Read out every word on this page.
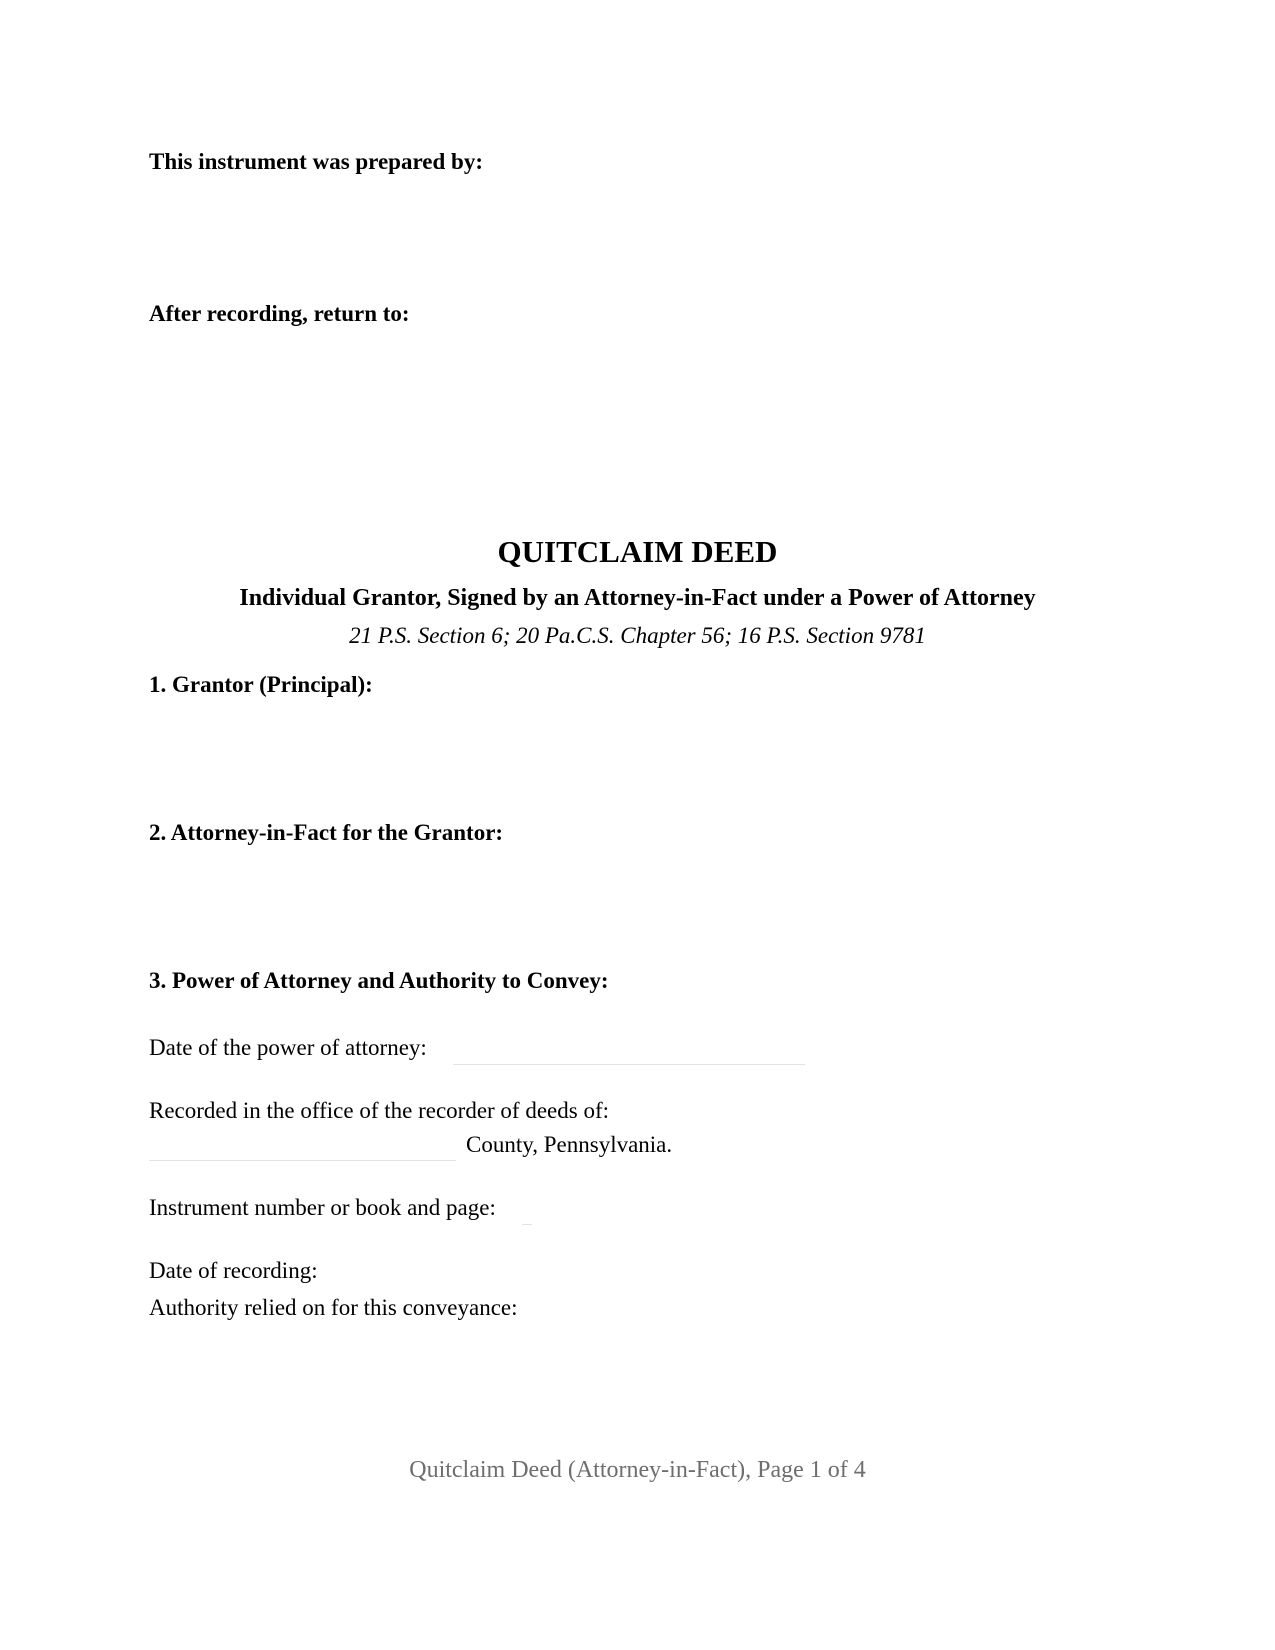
This instrument was prepared by:

After recording, return to:

QUITCLAIM DEED
Individual Grantor, Signed by an Attorney-in-Fact under a Power of Attorney

21 P.S. Section 6; 20 Pa.C.S. Chapter 56; 16 P.S. Section 9781

1. Grantor (Principal):
2. Attorney-in-Fact for the Grantor:
3. Power of Attorney and Authority to Convey:

Date of the power of attorney:

Recorded in the office of the recorder of deeds of:

County, Pennsylvania.

Instrument number or book and page:

Date of recording:

Authority relied on for this conveyance:

Quitclaim Deed (Attorney-in-Fact), Page 1 of 4
